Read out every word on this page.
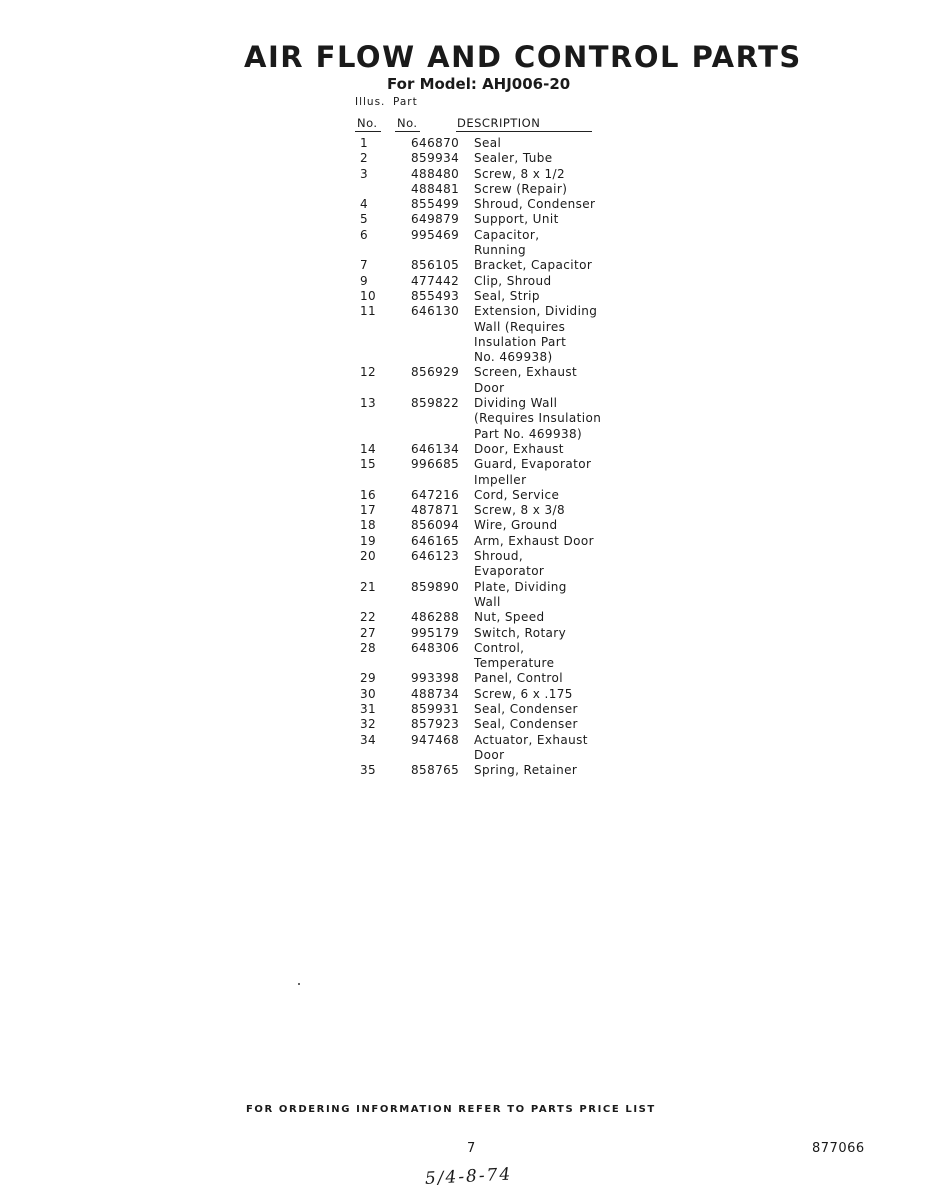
AIR FLOW AND CONTROL PARTS
For Model: AHJ006-20
Illus. Part
No. No.	DESCRIPTION
1	646870 Seal
2	859934 Sealer, Tube
3	488480 Screw, 8 x 1/2
488481 Screw (Repair)
4	855499 Shroud, Condenser
5	649879 Support, Unit
6	995469 Capacitor,
Running
7	856105 Bracket, Capacitor
9	477442 Clip, Shroud
10	855493 Seal, Strip
11	646130 Extension, Dividing
Wall (Requires
Insulation Part
No. 469938)
12	856929 Screen, Exhaust
Door
13	859822 Dividing Wall
(Requires Insulation
Part No. 469938)
14	646134 Door, Exhaust
15	996685 Guard, Evaporator
Impeller
16	647216 Cord, Service
17	487871 Screw, 8 x 3/8
18	856094 Wire, Ground
19	646165 Arm, Exhaust Door
20	646123 Shroud,
Evaporator
21	859890 Plate, Dividing
Wall
22	486288 Nut, Speed
27	995179 Switch, Rotary
28	648306 Control,
Temperature
29	993398 Panel, Control
30	488734 Screw, 6 x .175
31	859931 Seal, Condenser
32	857923 Seal, Condenser
34	947468 Actuator, Exhaust
Door
35	858765 Spring, Retainer
FOR ORDERING INFORMATION REFER TO PARTS PRICE LIST
7	877066
5/4-8-74
